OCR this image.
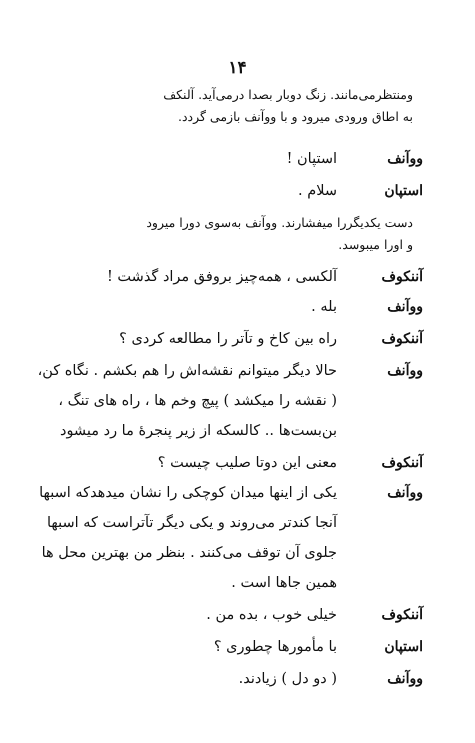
۱۴
ومنتظرمی‌مانند. زنگ دوبار بصدا درمی‌آید. آلنکف
به اطاق ورودی میرود و با ووآنف بازمی گردد.
ووآنف
استپان !
استپان
سلام .
دست یکدیگررا میفشارند. ووآنف به‌سوی دورا میرود
و اورا میبوسد.
آننکوف
آلکسی ، همه‌چیز بروفق مراد گذشت !
ووآنف
بله .
آننکوف
راه بین کاخ و تآتر را مطالعه کردی ؟
ووآنف
حالا دیگر میتوانم نقشه‌اش را هم بکشم . نگاه کن،
( نقشه را میکشد ) پیچ وخم ها ، راه های تنگ ،
بن‌بست‌ها .. کالسکه از زیر پنجرهٔ ما رد میشود
آننکوف
معنی این دوتا صلیب چیست ؟
ووآنف
یکی از اینها میدان کوچکی را نشان میدهدکه اسبها
آنجا کندتر می‌روند و یکی دیگر تآتراست که اسبها
جلوی آن توقف می‌کنند . بنظر من بهترین محل ها
همین جاها است .
آننکوف
خیلی خوب ، بده من .
استپان
با مأمورها چطوری ؟
ووآنف
( دو دل ) زیادند.
